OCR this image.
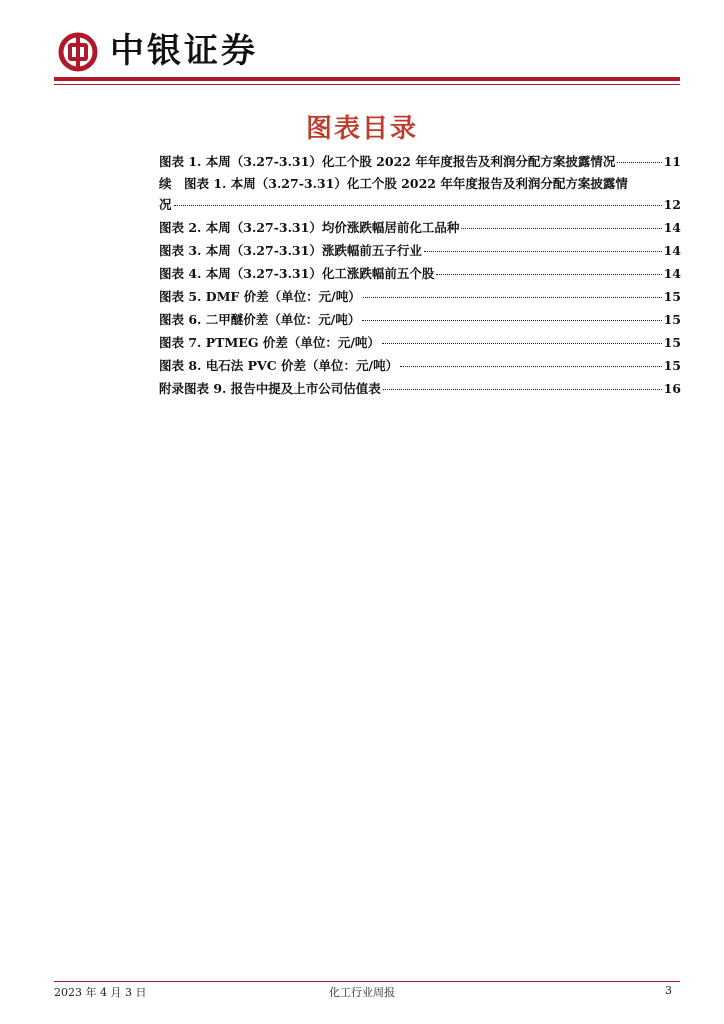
中银证券
图表目录
图表 1. 本周（3.27-3.31）化工个股 2022 年年度报告及利润分配方案披露情况	11
续　图表 1. 本周（3.27-3.31）化工个股 2022 年年度报告及利润分配方案披露情
况	12
图表 2. 本周（3.27-3.31）均价涨跌幅居前化工品种	14
图表 3. 本周（3.27-3.31）涨跌幅前五子行业	14
图表 4. 本周（3.27-3.31）化工涨跌幅前五个股	14
图表 5. DMF 价差（单位：元/吨）	15
图表 6. 二甲醚价差（单位：元/吨）	15
图表 7. PTMEG 价差（单位：元/吨）	15
图表 8. 电石法 PVC 价差（单位：元/吨）	15
附录图表 9. 报告中提及上市公司估值表	16
2023 年 4 月 3 日	化工行业周报	3
